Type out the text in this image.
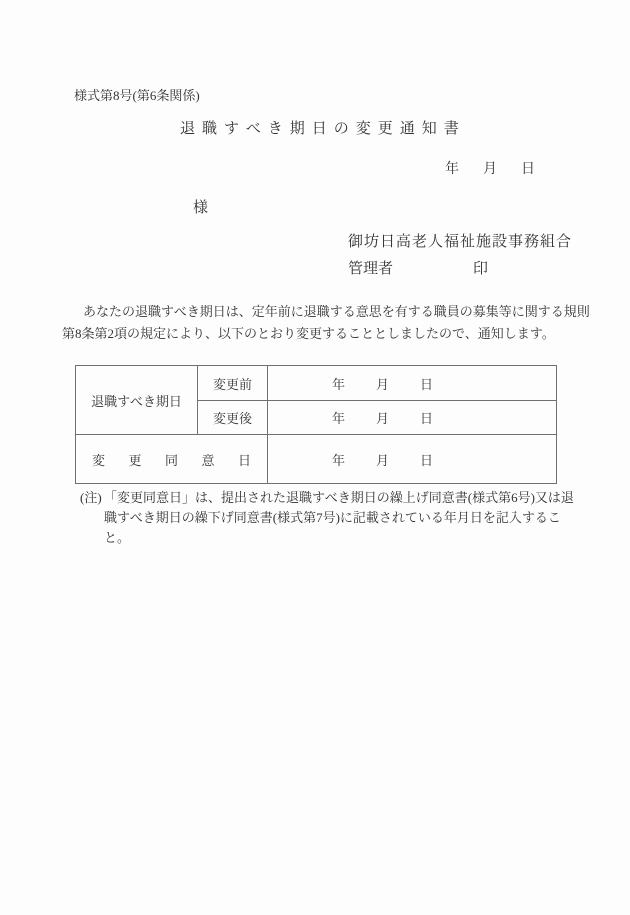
様式第8号(第6条関係)
退職すべき期日の変更通知書
年 月 日
様
御坊日高老人福祉施設事務組合
管理者	印
あなたの退職すべき期日は、定年前に退職する意思を有する職員の募集等に関する規則
第8条第2項の規定により、以下のとおり変更することとしましたので、通知します。
退職すべき期日	変更前	年 月 日

	変更後	年 月 日

変更同意日		年 月 日
(注) 「変更同意日」は、提出された退職すべき期日の繰上げ同意書(様式第6号)又は退
職すべき期日の繰下げ同意書(様式第7号)に記載されている年月日を記入するこ
と。
